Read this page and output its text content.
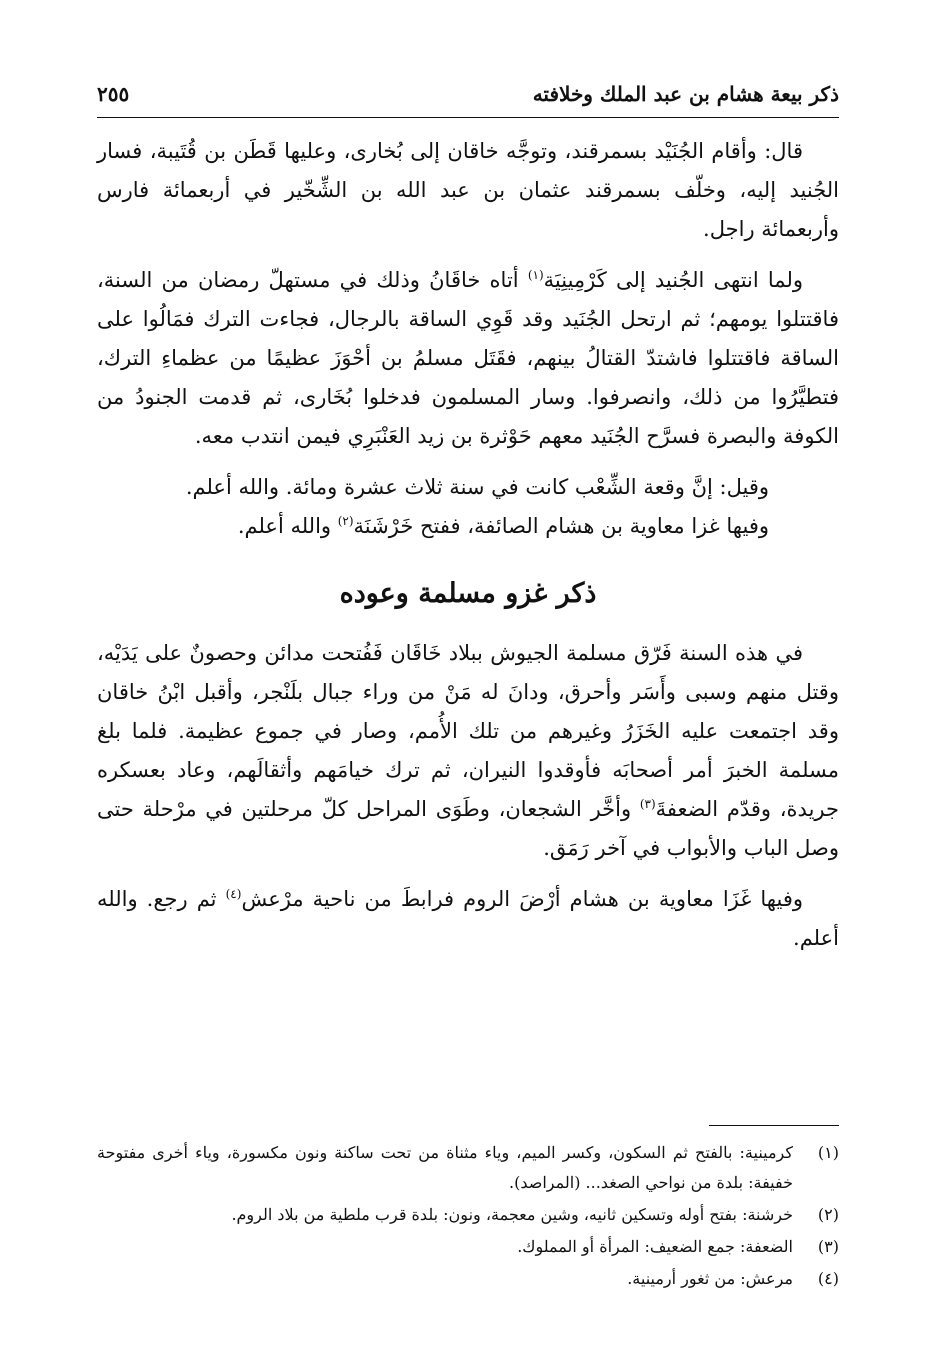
ذكر بيعة هشام بن عبد الملك وخلافته
٢٥٥

قال: وأقام الجُنَيْد بسمرقند، وتوجَّه خاقان إلى بُخارى، وعليها قَطَن بن قُتَيبة، فسار الجُنيد إليه، وخلّف بسمرقند عثمان بن عبد الله بن الشِّخّير في أربعمائة فارس وأربعمائة راجل.

ولما انتهى الجُنيد إلى كَرْمِينِيَة$^{(١)}$ أتاه خاقَانُ وذلك في مستهلّ رمضان من السنة، فاقتتلوا يومهم؛ ثم ارتحل الجُنَيد وقد قَوِي الساقة بالرجال، فجاءت الترك فمَالُوا على الساقة فاقتتلوا فاشتدّ القتالُ بينهم، فقَتَل مسلمُ بن أحْوَزَ عظيمًا من عظماءِ الترك، فتطيَّرُوا من ذلك، وانصرفوا. وسار المسلمون فدخلوا بُخَارى، ثم قدمت الجنودُ من الكوفة والبصرة فسرَّح الجُنَيد معهم حَوْثرة بن زيد العَنْبَرِي فيمن انتدب معه.

وقيل: إنَّ وقعة الشِّعْب كانت في سنة ثلاث عشرة ومائة. والله أعلم.

وفيها غزا معاوية بن هشام الصائفة، ففتح خَرْشَنَة$^{(٢)}$ والله أعلم.

ذكر غزو مسلمة وعوده

في هذه السنة فَرّق مسلمة الجيوش ببلاد خَاقَان فَفُتحت مدائن وحصونٌ على يَدَيْه، وقتل منهم وسبى وأَسَر وأحرق، ودانَ له مَنْ من وراء جبال بلَنْجر، وأقبل ابْنُ خاقان وقد اجتمعت عليه الخَزَرُ وغيرهم من تلك الأُمم، وصار في جموع عظيمة. فلما بلغ مسلمة الخبرَ أمر أصحابَه فأوقدوا النيران، ثم ترك خيامَهم وأثقالَهم، وعاد بعسكره جريدة، وقدّم الضعفةَ$^{(٣)}$ وأخَّر الشجعان، وطَوَى المراحل كلّ مرحلتين في مرْحلة حتى وصل الباب والأبواب في آخر رَمَق.

وفيها غَزَا معاوية بن هشام أرْضَ الروم فرابطَ من ناحية مرْعش$^{(٤)}$ ثم رجع. والله أعلم.

(١)
كرمينية: بالفتح ثم السكون، وكسر الميم، وياء مثناة من تحت ساكنة ونون مكسورة، وياء أخرى مفتوحة خفيفة: بلدة من نواحي الصغد... (المراصد).
(٢)
خرشنة: بفتح أوله وتسكين ثانيه، وشين معجمة، ونون: بلدة قرب ملطية من بلاد الروم.
(٣)
الضعفة: جمع الضعيف: المرأة أو المملوك.
(٤)
مرعش: من ثغور أرمينية.
